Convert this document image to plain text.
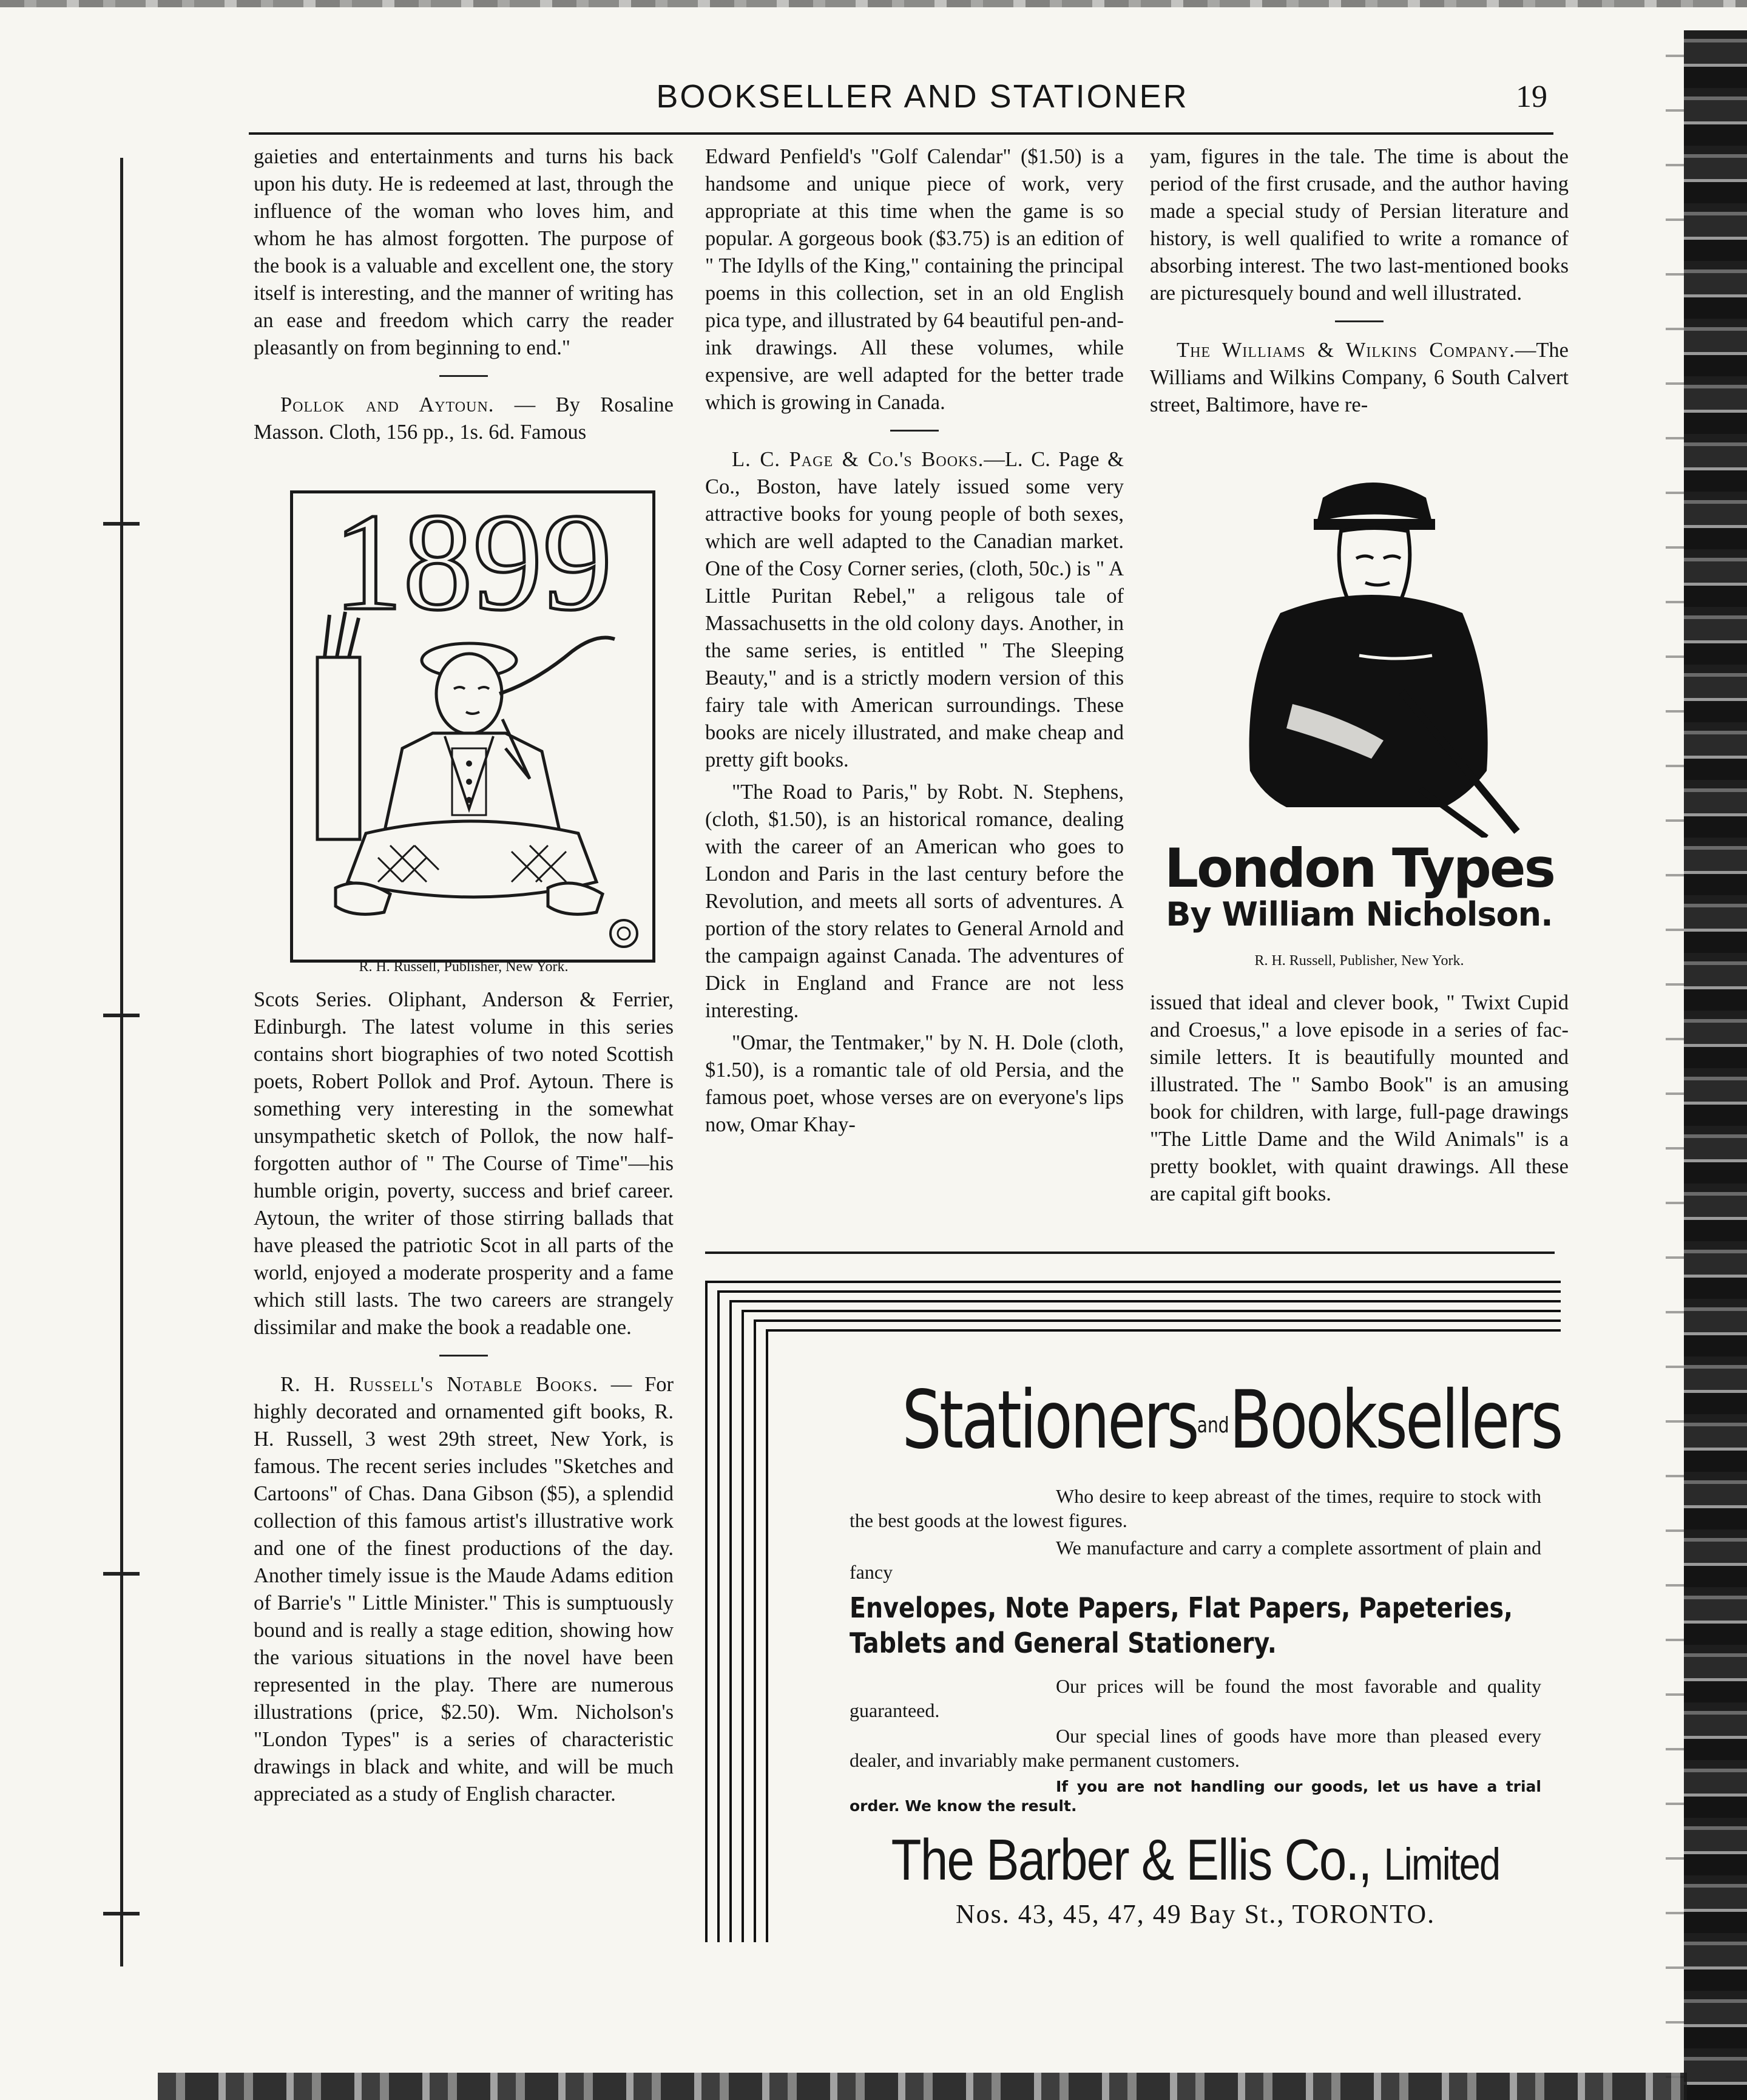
BOOKSELLER AND STATIONER	19

gaieties and entertainments and turns his back upon his duty. He is redeemed at last, through the influence of the woman who loves him, and whom he has almost forgotten. The purpose of the book is a valuable and excellent one, the story itself is interesting, and the manner of writing has an ease and freedom which carry the reader pleasantly on from beginning to end."

Pollok and Aytoun. — By Rosaline Masson. Cloth, 156 pp., 1s. 6d. Famous

1899
R. H. Russell, Publisher, New York.

Scots Series. Oliphant, Anderson & Ferrier, Edinburgh. The latest volume in this series contains short biographies of two noted Scottish poets, Robert Pollok and Prof. Aytoun. There is something very interesting in the somewhat unsympathetic sketch of Pollok, the now half-forgotten author of " The Course of Time"—his humble origin, poverty, success and brief career. Aytoun, the writer of those stirring ballads that have pleased the patriotic Scot in all parts of the world, enjoyed a moderate prosperity and a fame which still lasts. The two careers are strangely dissimilar and make the book a readable one.

R. H. Russell's Notable Books. — For highly decorated and ornamented gift books, R. H. Russell, 3 west 29th street, New York, is famous. The recent series includes "Sketches and Cartoons" of Chas. Dana Gibson ($5), a splendid collection of this famous artist's illustrative work and one of the finest productions of the day. Another timely issue is the Maude Adams edition of Barrie's " Little Minister." This is sumptuously bound and is really a stage edition, showing how the various situations in the novel have been represented in the play. There are numerous illustrations (price, $2.50). Wm. Nicholson's "London Types" is a series of characteristic drawings in black and white, and will be much appreciated as a study of English character.

Edward Penfield's "Golf Calendar" ($1.50) is a handsome and unique piece of work, very appropriate at this time when the game is so popular. A gorgeous book ($3.75) is an edition of " The Idylls of the King," containing the principal poems in this collection, set in an old English pica type, and illustrated by 64 beautiful pen-and-ink drawings. All these volumes, while expensive, are well adapted for the better trade which is growing in Canada.

L. C. Page & Co.'s Books.—L. C. Page & Co., Boston, have lately issued some very attractive books for young people of both sexes, which are well adapted to the Canadian market. One of the Cosy Corner series, (cloth, 50c.) is " A Little Puritan Rebel," a religous tale of Massachusetts in the old colony days. Another, in the same series, is entitled " The Sleeping Beauty," and is a strictly modern version of this fairy tale with American surroundings. These books are nicely illustrated, and make cheap and pretty gift books.

"The Road to Paris," by Robt. N. Stephens, (cloth, $1.50), is an historical romance, dealing with the career of an American who goes to London and Paris in the last century before the Revolution, and meets all sorts of adventures. A portion of the story relates to General Arnold and the campaign against Canada. The adventures of Dick in England and France are not less interesting.

"Omar, the Tentmaker," by N. H. Dole (cloth, $1.50), is a romantic tale of old Persia, and the famous poet, whose verses are on everyone's lips now, Omar Khay-

yam, figures in the tale. The time is about the period of the first crusade, and the author having made a special study of Persian literature and history, is well qualified to write a romance of absorbing interest. The two last-mentioned books are picturesquely bound and well illustrated.

The Williams & Wilkins Company.—The Williams and Wilkins Company, 6 South Calvert street, Baltimore, have re-

London Types
By William Nicholson.
R. H. Russell, Publisher, New York.

issued that ideal and clever book, " Twixt Cupid and Croesus," a love episode in a series of fac-simile letters. It is beautifully mounted and illustrated. The " Sambo Book" is an amusing book for children, with large, full-page drawings "The Little Dame and the Wild Animals" is a pretty booklet, with quaint drawings. All these are capital gift books.

StationersandBooksellers
Who desire to keep abreast of the times, require to stock with the best goods at the lowest figures.
We manufacture and carry a complete assortment of plain and fancy
Envelopes, Note Papers, Flat Papers, Papeteries,
Tablets and General Stationery.
Our prices will be found the most favorable and quality guaranteed.
Our special lines of goods have more than pleased every dealer, and invariably make permanent customers.
If you are not handling our goods, let us have a trial order. We know the result.
The Barber & Ellis Co., Limited
Nos. 43, 45, 47, 49 Bay St., TORONTO.
